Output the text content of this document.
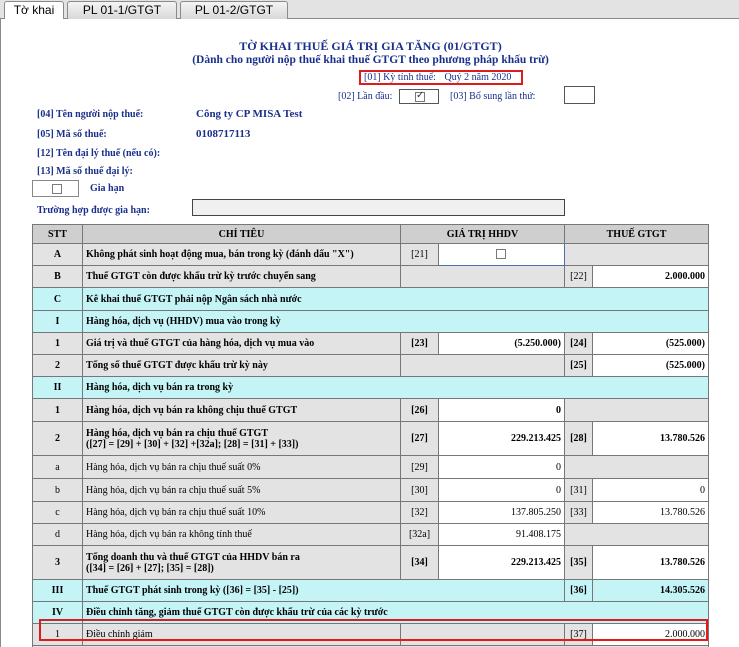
Tờ khai	PL 01-1/GTGT	PL 01-2/GTGT
TỜ KHAI THUẾ GIÁ TRỊ GIA TĂNG (01/GTGT)
(Dành cho người nộp thuế khai thuế GTGT theo phương pháp khấu trừ)
[01] Kỳ tính thuế: Quý 2 năm 2020
[02] Lần đầu: ✓	[03] Bổ sung lần thứ:
[04] Tên người nộp thuế:	Công ty CP MISA Test
[05] Mã số thuế:	0108717113
[12] Tên đại lý thuế (nếu có):
[13] Mã số thuế đại lý:
Gia hạn
Trường hợp được gia hạn:
STT	CHỈ TIÊU	GIÁ TRỊ HHDV		THUẾ GTGT	
A	Không phát sinh hoạt động mua, bán trong kỳ (đánh dấu "X")	[21]		

B	Thuế GTGT còn được khấu trừ kỳ trước chuyển sang			[22]	2.000.000
C	Kê khai thuế GTGT phải nộp Ngân sách nhà nước				
I	Hàng hóa, dịch vụ (HHDV) mua vào trong kỳ				
1	Giá trị và thuế GTGT của hàng hóa, dịch vụ mua vào	[23]	(5.250.000)	[24]	(525.000)
2	Tổng số thuế GTGT được khấu trừ kỳ này			[25]	(525.000)
II	Hàng hóa, dịch vụ bán ra trong kỳ				
1	Hàng hóa, dịch vụ bán ra không chịu thuế GTGT	[26]	0		
2	Hàng hóa, dịch vụ bán ra chịu thuế GTGT
([27] = [29] + [30] + [32] +[32a]; [28] = [31] + [33])	[27]	229.213.425	[28]	13.780.526
a	Hàng hóa, dịch vụ bán ra chịu thuế suất 0%	[29]	0		
b	Hàng hóa, dịch vụ bán ra chịu thuế suất 5%	[30]	0	[31]	0
c	Hàng hóa, dịch vụ bán ra chịu thuế suất 10%	[32]	137.805.250	[33]	13.780.526
d	Hàng hóa, dịch vụ bán ra không tính thuế	[32a]	91.408.175		
3	Tổng doanh thu và thuế GTGT của HHDV bán ra
([34] = [26] + [27]; [35] = [28])	[34]	229.213.425	[35]	13.780.526
III	Thuế GTGT phát sinh trong kỳ ([36] = [35] - [25])			[36]	14.305.526
IV	Điều chỉnh tăng, giảm thuế GTGT còn được khấu trừ của các kỳ trước				
1	Điều chỉnh giảm			[37]	2.000.000
